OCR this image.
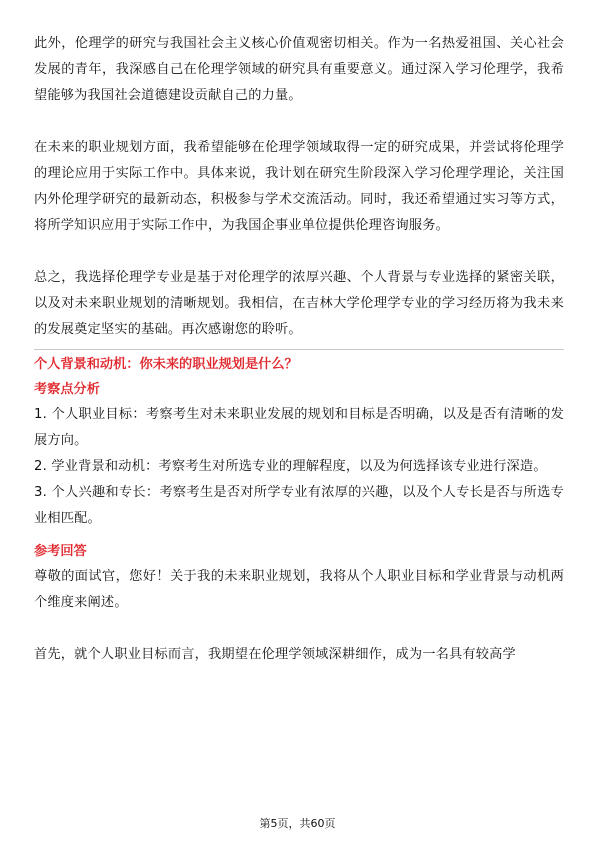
此外，伦理学的研究与我国社会主义核心价值观密切相关。作为一名热爱祖国、关心社会发展的青年，我深感自己在伦理学领域的研究具有重要意义。通过深入学习伦理学，我希望能够为我国社会道德建设贡献自己的力量。

在未来的职业规划方面，我希望能够在伦理学领域取得一定的研究成果，并尝试将伦理学的理论应用于实际工作中。具体来说，我计划在研究生阶段深入学习伦理学理论，关注国内外伦理学研究的最新动态，积极参与学术交流活动。同时，我还希望通过实习等方式，将所学知识应用于实际工作中，为我国企事业单位提供伦理咨询服务。

总之，我选择伦理学专业是基于对伦理学的浓厚兴趣、个人背景与专业选择的紧密关联，以及对未来职业规划的清晰规划。我相信，在吉林大学伦理学专业的学习经历将为我未来的发展奠定坚实的基础。再次感谢您的聆听。

个人背景和动机：你未来的职业规划是什么？

考察点分析

1. 个人职业目标：考察考生对未来职业发展的规划和目标是否明确，以及是否有清晰的发展方向。

2. 学业背景和动机：考察考生对所选专业的理解程度，以及为何选择该专业进行深造。

3. 个人兴趣和专长：考察考生是否对所学专业有浓厚的兴趣，以及个人专长是否与所选专业相匹配。

参考回答

尊敬的面试官，您好！关于我的未来职业规划，我将从个人职业目标和学业背景与动机两个维度来阐述。

首先，就个人职业目标而言，我期望在伦理学领域深耕细作，成为一名具有较高学

第5页，共60页
